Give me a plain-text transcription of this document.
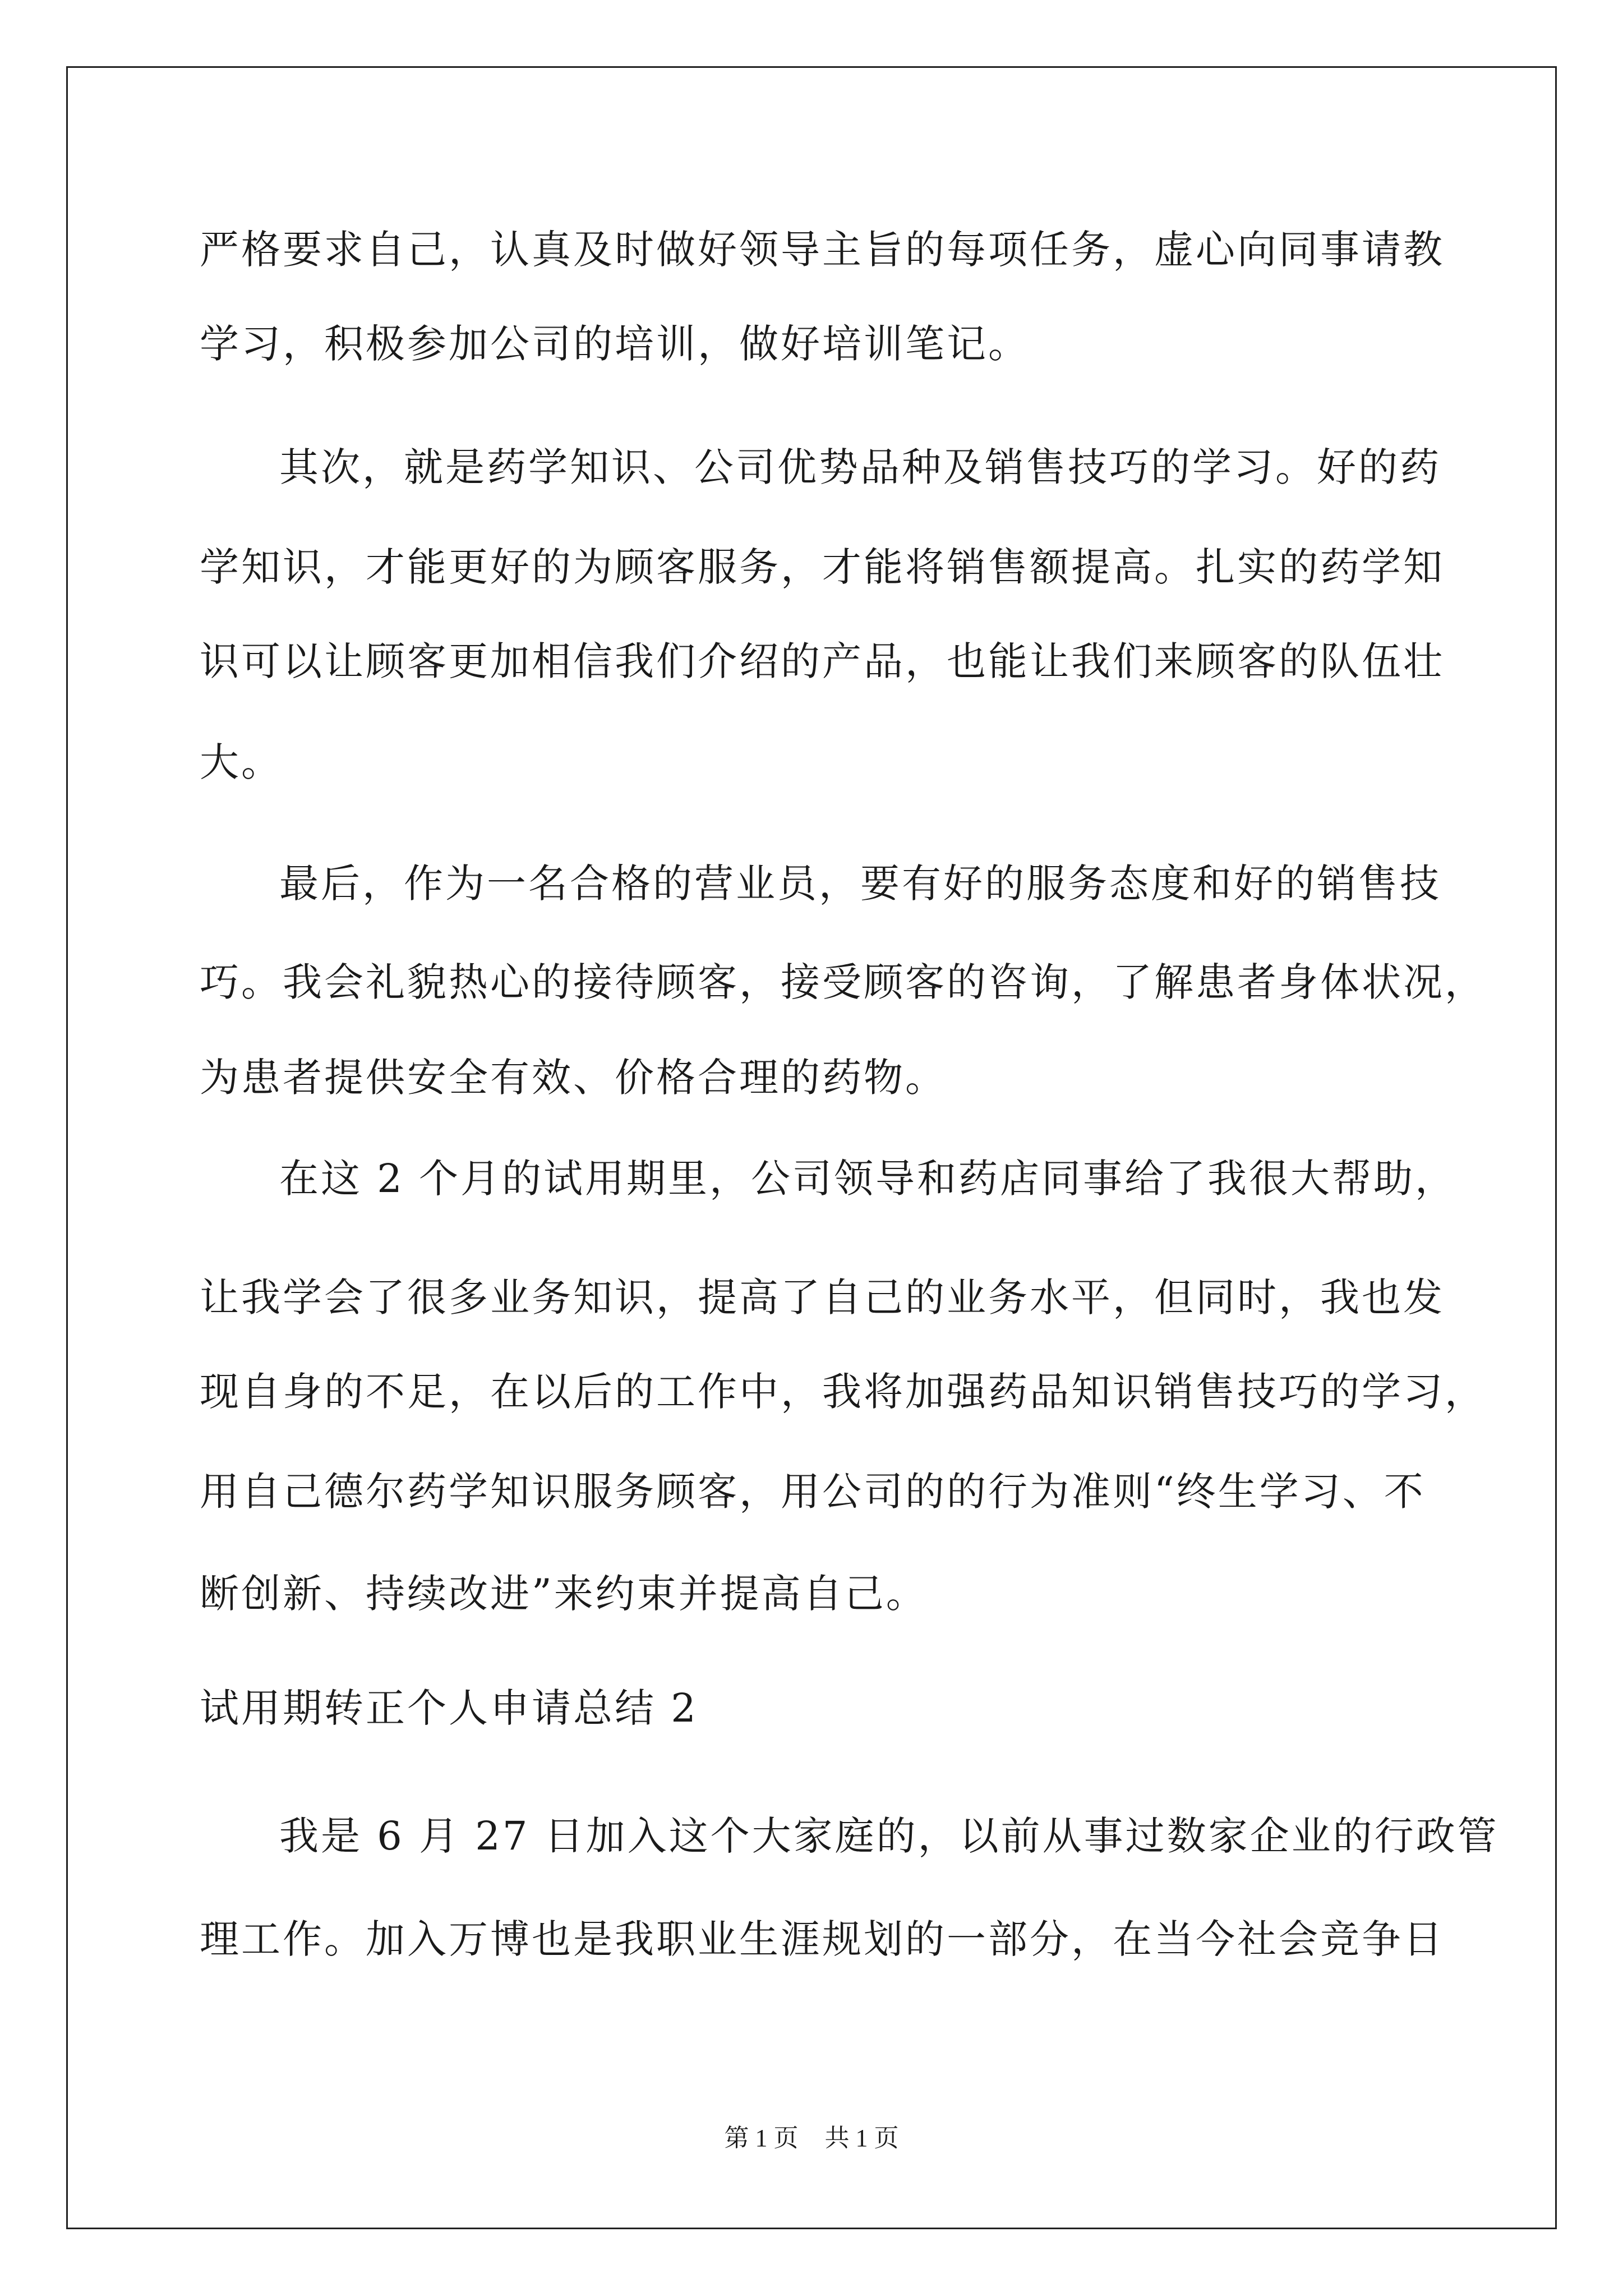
严格要求自己，认真及时做好领导主旨的每项任务，虚心向同事请教
学习，积极参加公司的培训，做好培训笔记。
其次，就是药学知识、公司优势品种及销售技巧的学习。好的药
学知识，才能更好的为顾客服务，才能将销售额提高。扎实的药学知
识可以让顾客更加相信我们介绍的产品，也能让我们来顾客的队伍壮
大。
最后，作为一名合格的营业员，要有好的服务态度和好的销售技
巧。我会礼貌热心的接待顾客，接受顾客的咨询，了解患者身体状况，
为患者提供安全有效、价格合理的药物。
在这 2 个月的试用期里，公司领导和药店同事给了我很大帮助，
让我学会了很多业务知识，提高了自己的业务水平，但同时，我也发
现自身的不足，在以后的工作中，我将加强药品知识销售技巧的学习，
用自己德尔药学知识服务顾客，用公司的的行为准则“终生学习、不
断创新、持续改进”来约束并提高自己。
试用期转正个人申请总结 2
我是 6 月 27 日加入这个大家庭的，以前从事过数家企业的行政管
理工作。加入万博也是我职业生涯规划的一部分，在当今社会竞争日
第 1 页 共 1 页
